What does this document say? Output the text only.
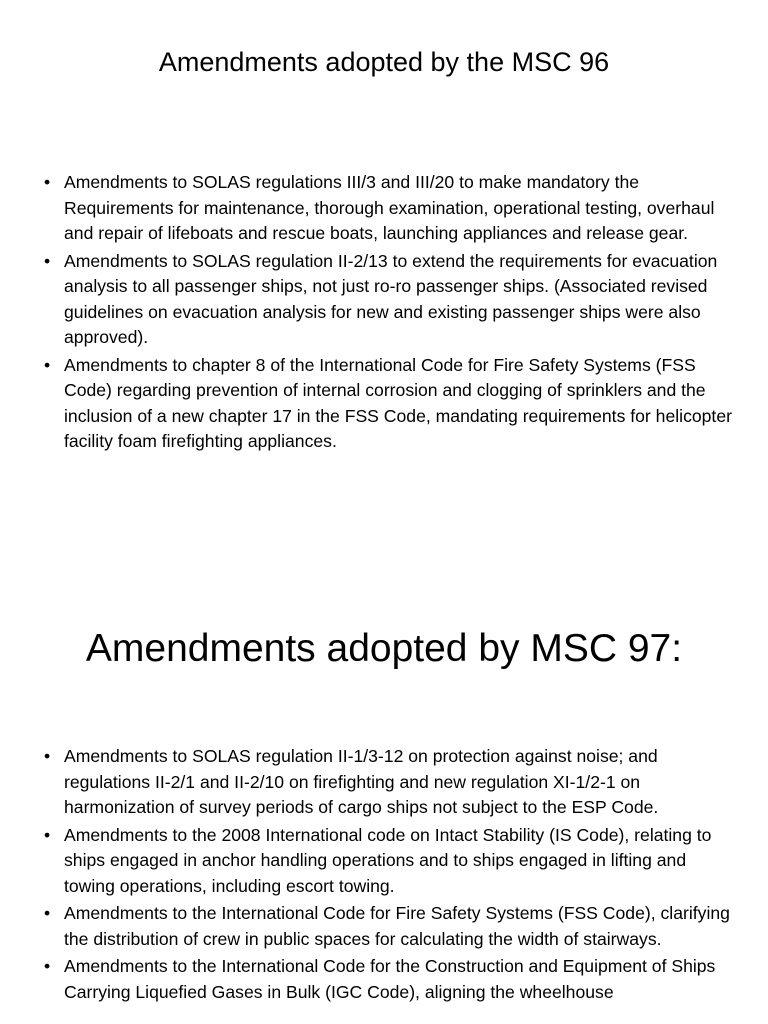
Amendments adopted by the MSC 96
• Amendments to SOLAS regulations III/3 and III/20 to make mandatory the Requirements for maintenance, thorough examination, operational testing, overhaul and repair of lifeboats and rescue boats, launching appliances and release gear.
• Amendments to SOLAS regulation II-2/13 to extend the requirements for evacuation analysis to all passenger ships, not just ro-ro passenger ships. (Associated revised guidelines on evacuation analysis for new and existing passenger ships were also approved).
• Amendments to chapter 8 of the International Code for Fire Safety Systems (FSS Code) regarding prevention of internal corrosion and clogging of sprinklers and the inclusion of a new chapter 17 in the FSS Code, mandating requirements for helicopter facility foam firefighting appliances.
Amendments adopted by MSC 97:
• Amendments to SOLAS regulation II-1/3-12 on protection against noise; and regulations II-2/1 and II-2/10 on firefighting and new regulation XI-1/2-1 on harmonization of survey periods of cargo ships not subject to the ESP Code.
• Amendments to the 2008 International code on Intact Stability (IS Code), relating to ships engaged in anchor handling operations and to ships engaged in lifting and towing operations, including escort towing.
• Amendments to the International Code for Fire Safety Systems (FSS Code), clarifying the distribution of crew in public spaces for calculating the width of stairways.
• Amendments to the International Code for the Construction and Equipment of Ships Carrying Liquefied Gases in Bulk (IGC Code), aligning the wheelhouse
